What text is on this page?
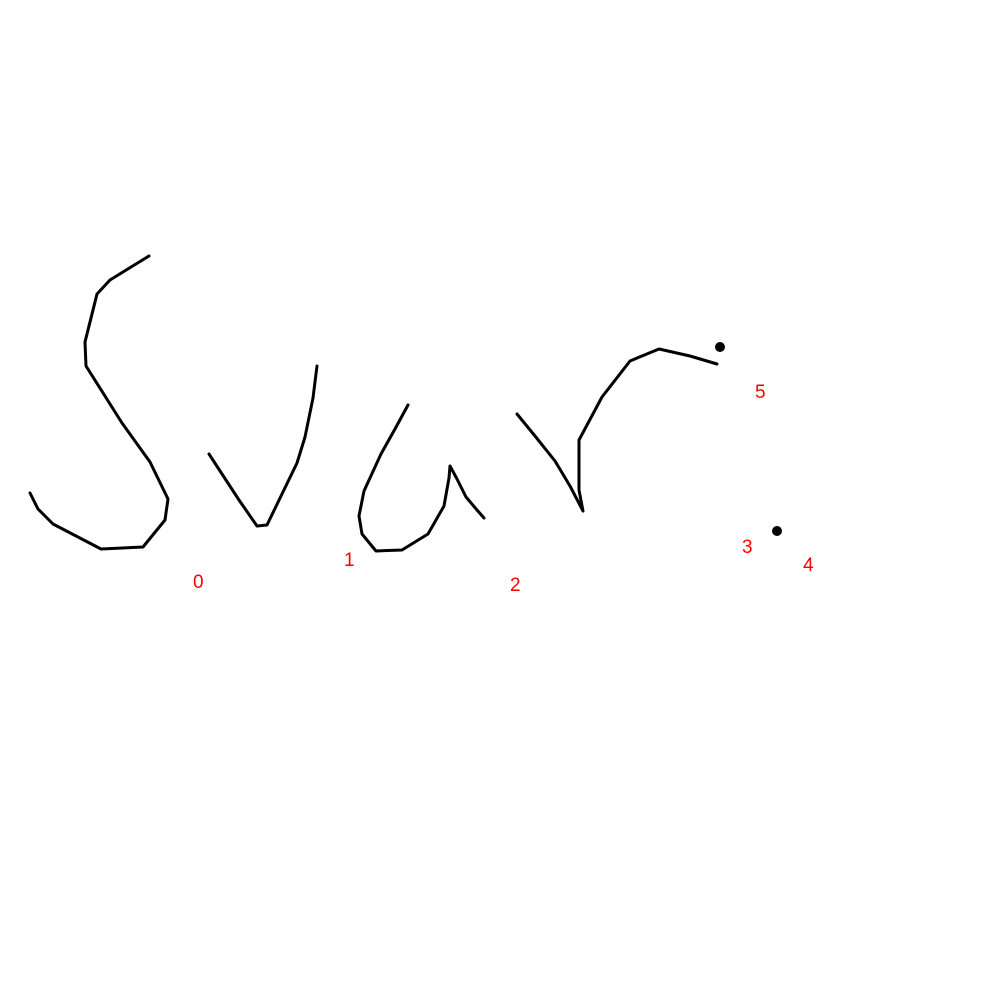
0
1
2
3
4
5
